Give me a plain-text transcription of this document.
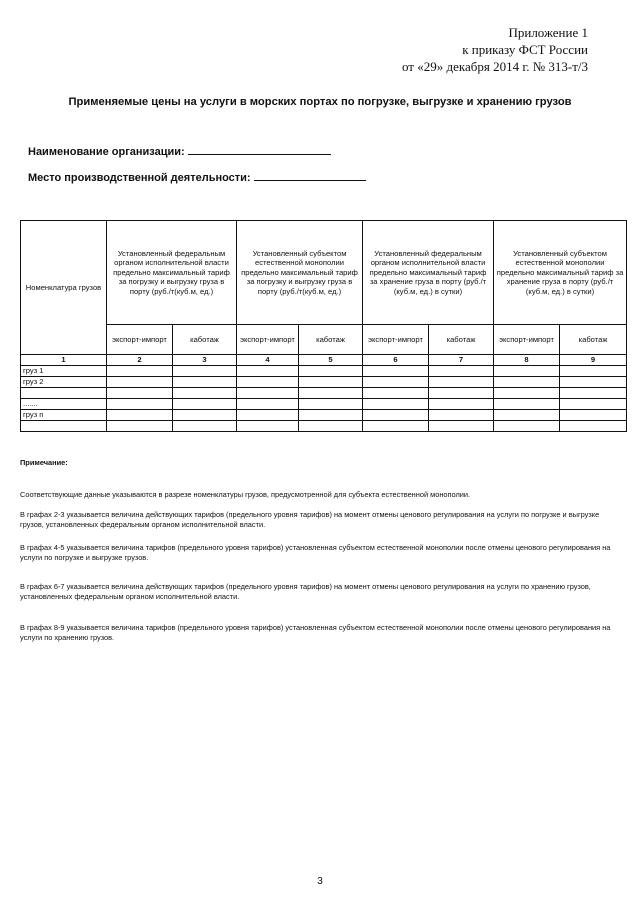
Приложение 1
к приказу ФСТ России
от «29» декабря 2014 г. № 313-т/3
Применяемые цены на услуги в морских портах по погрузке, выгрузке и хранению грузов
Наименование организации:
Место производственной деятельности:
Номенклатура грузов	Установленный федеральным органом исполнительной власти предельно максимальный тариф за погрузку и выгрузку груза в порту (руб./т(куб.м, ед.)		Установленный субъектом естественной монополии предельно максимальный тариф за погрузку и выгрузку груза в порту (руб./т(куб.м, ед.)		Установленный федеральным органом исполнительной власти предельно максимальный тариф за хранение груза в порту (руб./т (куб.м, ед.) в сутки)		Установленный субъектом естественной монополии предельно максимальный тариф за хранение груза в порту (руб./т (куб.м, ед.) в сутки)	
	экспорт-импорт	каботаж	экспорт-импорт	каботаж	экспорт-импорт	каботаж	экспорт-импорт	каботаж
1	2	3	4	5	6	7	8	9
груз 1								
груз 2								

.......								
груз n								

Примечание:
Соответствующие данные указываются в разрезе номенклатуры грузов, предусмотренной для субъекта естественной монополии.
В графах 2-3 указывается величина действующих тарифов (предельного уровня тарифов) на момент отмены ценового регулирования на услуги по погрузке и выгрузке грузов, установленных федеральным органом исполнительной власти.
В графах 4-5 указывается величина тарифов (предельного уровня тарифов) установленная субъектом естественной монополии после отмены ценового регулирования на услуги по погрузке и выгрузке грузов.
В графах 6-7 указывается величина действующих тарифов (предельного уровня тарифов) на момент отмены ценового регулирования на услуги по хранению грузов, установленных федеральным органом исполнительной власти.
В графах 8-9 указывается величина тарифов (предельного уровня тарифов) установленная субъектом естественной монополии после отмены ценового регулирования на услуги по хранению грузов.
3
